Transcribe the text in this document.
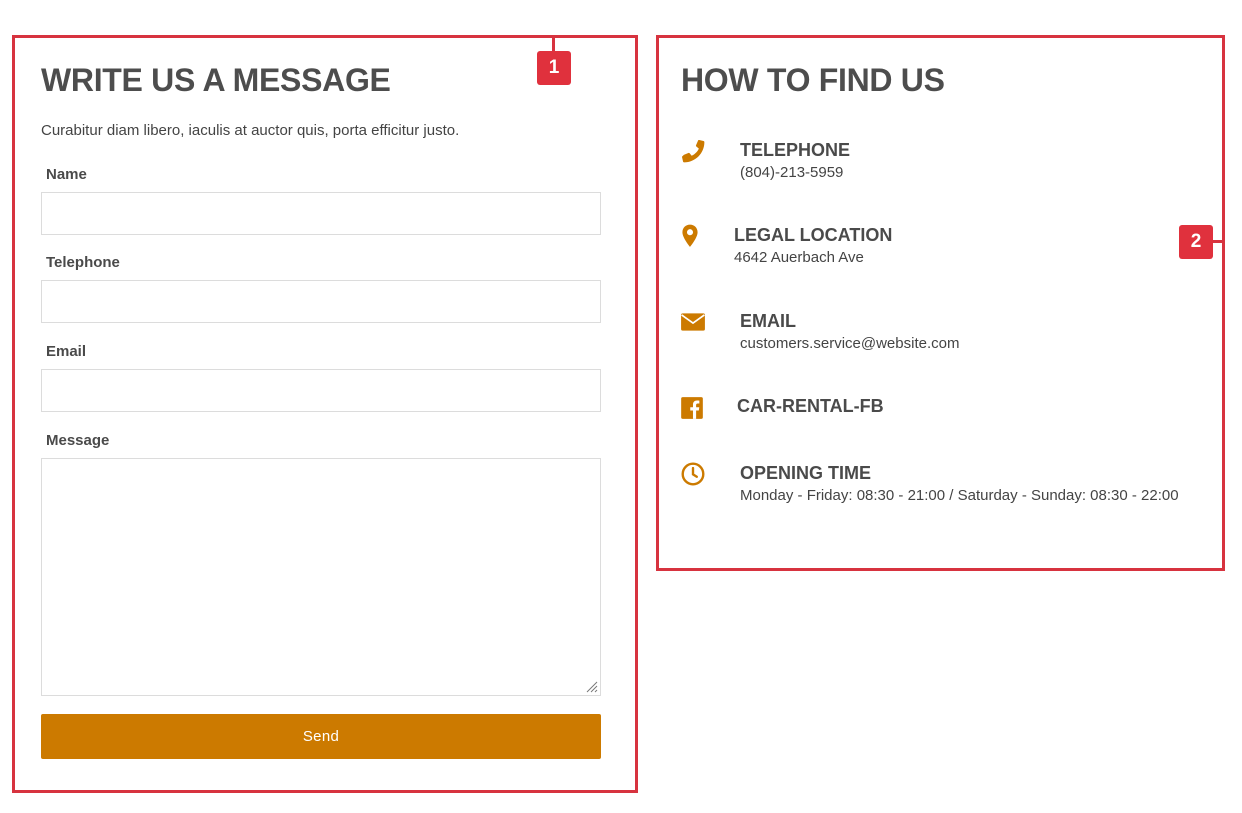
1
2
WRITE US A MESSAGE

Curabitur diam libero, iaculis at auctor quis, porta efficitur justo.

Name
Telephone
Email
Message
Send
HOW TO FIND US
TELEPHONE
(804)-213-5959
LEGAL LOCATION
4642 Auerbach Ave
EMAIL
customers.service@website.com
CAR-RENTAL-FB
OPENING TIME
Monday - Friday: 08:30 - 21:00 / Saturday - Sunday: 08:30 - 22:00
